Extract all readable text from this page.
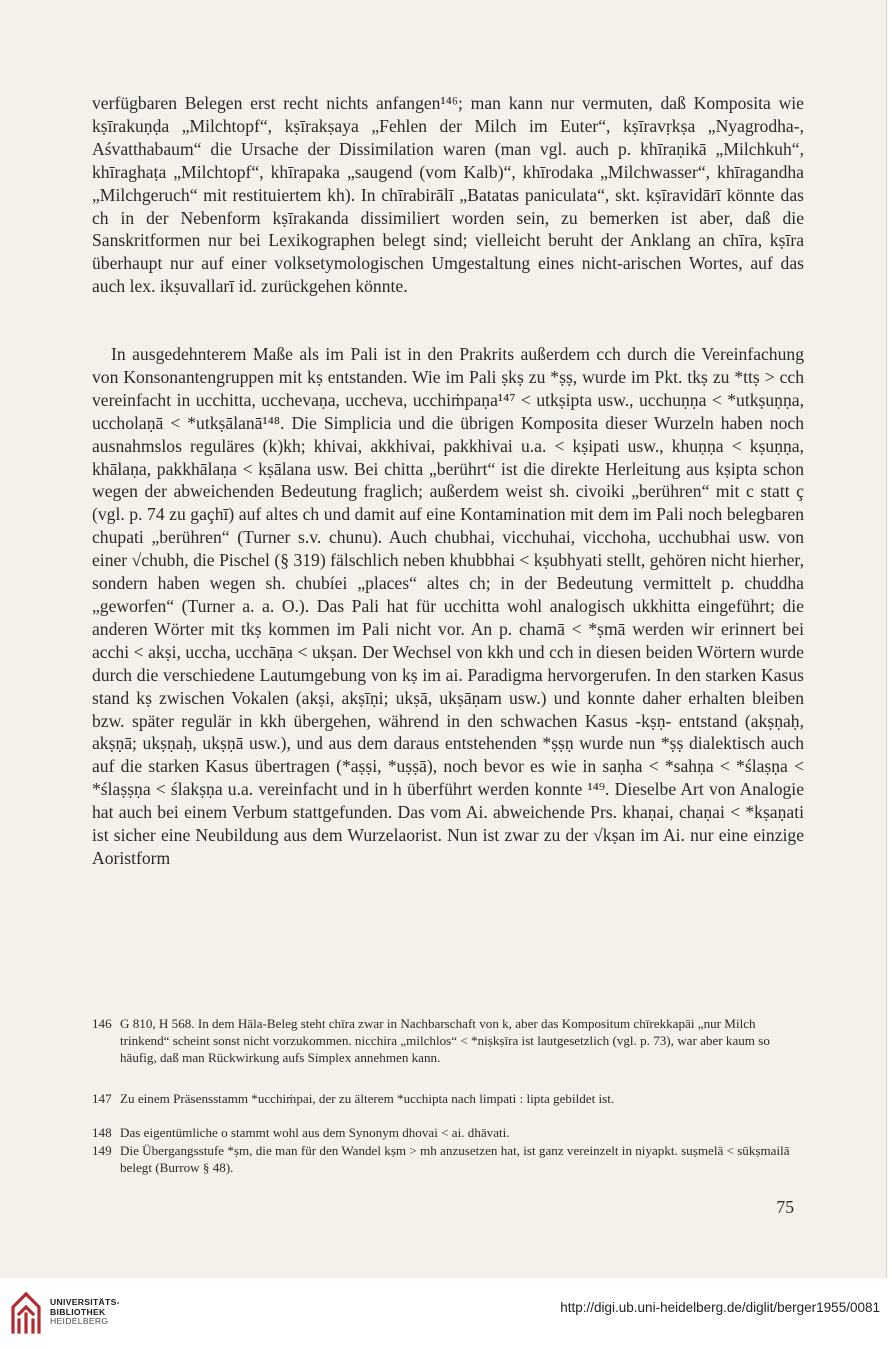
verfügbaren Belegen erst recht nichts anfangen¹⁴⁶; man kann nur vermuten, daß Komposita wie kṣīrakuṇḍa „Milchtopf“, kṣīrakṣaya „Fehlen der Milch im Euter“, kṣīravṛkṣa „Nyagrodha-, Aśvatthabaum“ die Ursache der Dissimilation waren (man vgl. auch p. khīraṇikā „Milchkuh“, khīraghaṭa „Milchtopf“, khīrapaka „saugend (vom Kalb)“, khīrodaka „Milchwasser“, khīragandha „Milchgeruch“ mit restituiertem kh). In chīrabirālī „Batatas paniculata“, skt. kṣīravidārī könnte das ch in der Nebenform kṣīrakanda dissimiliert worden sein, zu bemerken ist aber, daß die Sanskritformen nur bei Lexikographen belegt sind; vielleicht beruht der Anklang an chīra, kṣīra überhaupt nur auf einer volksetymologischen Umgestaltung eines nicht-arischen Wortes, auf das auch lex. ikṣuvallarī id. zurückgehen könnte.

In ausgedehnterem Maße als im Pali ist in den Prakrits außerdem cch durch die Vereinfachung von Konsonantengruppen mit kṣ entstanden. Wie im Pali ṣkṣ zu *ṣṣ, wurde im Pkt. tkṣ zu *ttṣ > cch vereinfacht in ucchitta, ucchevaṇa, uccheva, ucchiṁpaṇa¹⁴⁷ < utkṣipta usw., ucchuṇṇa < *utkṣuṇṇa, uccholaṇā < *utkṣālanā¹⁴⁸. Die Simplicia und die übrigen Komposita dieser Wurzeln haben noch ausnahmslos reguläres (k)kh; khivai, akkhivai, pakkhivai u.a. < kṣipati usw., khuṇṇa < kṣuṇṇa, khālaṇa, pakkhālaṇa < kṣālana usw. Bei chitta „berührt“ ist die direkte Herleitung aus kṣipta schon wegen der abweichenden Bedeutung fraglich; außerdem weist sh. civoiki „berühren“ mit c statt ç (vgl. p. 74 zu gaçhī) auf altes ch und damit auf eine Kontamination mit dem im Pali noch belegbaren chupati „berühren“ (Turner s.v. chunu). Auch chubhai, vicchuhai, vicchoha, ucchubhai usw. von einer √chubh, die Pischel (§ 319) fälschlich neben khubbhai < kṣubhyati stellt, gehören nicht hierher, sondern haben wegen sh. chubíei „places“ altes ch; in der Bedeutung vermittelt p. chuddha „geworfen“ (Turner a. a. O.). Das Pali hat für ucchitta wohl analogisch ukkhitta eingeführt; die anderen Wörter mit tkṣ kommen im Pali nicht vor. An p. chamā < *ṣmā werden wir erinnert bei acchi < akṣi, uccha, ucchāṇa < ukṣan. Der Wechsel von kkh und cch in diesen beiden Wörtern wurde durch die verschiedene Lautumgebung von kṣ im ai. Paradigma hervorgerufen. In den starken Kasus stand kṣ zwischen Vokalen (akṣi, akṣīṇi; ukṣā, ukṣāṇam usw.) und konnte daher erhalten bleiben bzw. später regulär in kkh übergehen, während in den schwachen Kasus -kṣṇ- entstand (akṣṇaḥ, akṣṇā; ukṣṇaḥ, ukṣṇā usw.), und aus dem daraus entstehenden *ṣṣṇ wurde nun *ṣṣ dialektisch auch auf die starken Kasus übertragen (*aṣṣi, *uṣṣā), noch bevor es wie in saṇha < *sahṇa < *ślaṣṇa < *ślaṣṣṇa < ślakṣṇa u.a. vereinfacht und in h überführt werden konnte ¹⁴⁹. Dieselbe Art von Analogie hat auch bei einem Verbum stattgefunden. Das vom Ai. abweichende Prs. khaṇai, chaṇai < *kṣaṇati ist sicher eine Neubildung aus dem Wurzelaorist. Nun ist zwar zu der √kṣan im Ai. nur eine einzige Aoristform

146 G 810, H 568. In dem Hāla-Beleg steht chīra zwar in Nachbarschaft von k, aber das Kompositum chīrekkapāi „nur Milch trinkend“ scheint sonst nicht vorzukommen. nicchira „milchlos“ < *niṣkṣīra ist lautgesetzlich (vgl. p. 73), war aber kaum so häufig, daß man Rückwirkung aufs Simplex annehmen kann.

147 Zu einem Präsensstamm *ucchiṁpai, der zu älterem *ucchipta nach limpati : lipta gebildet ist.

148 Das eigentümliche o stammt wohl aus dem Synonym dhovai < ai. dhāvati.

149 Die Übergangsstufe *ṣm, die man für den Wandel kṣm > mh anzusetzen hat, ist ganz vereinzelt in niyapkt. suṣmelā < sūkṣmailā belegt (Burrow § 48).

75
UNIVERSITÄTS-
BIBLIOTHEK
HEIDELBERG
http://digi.ub.uni-heidelberg.de/diglit/berger1955/0081
